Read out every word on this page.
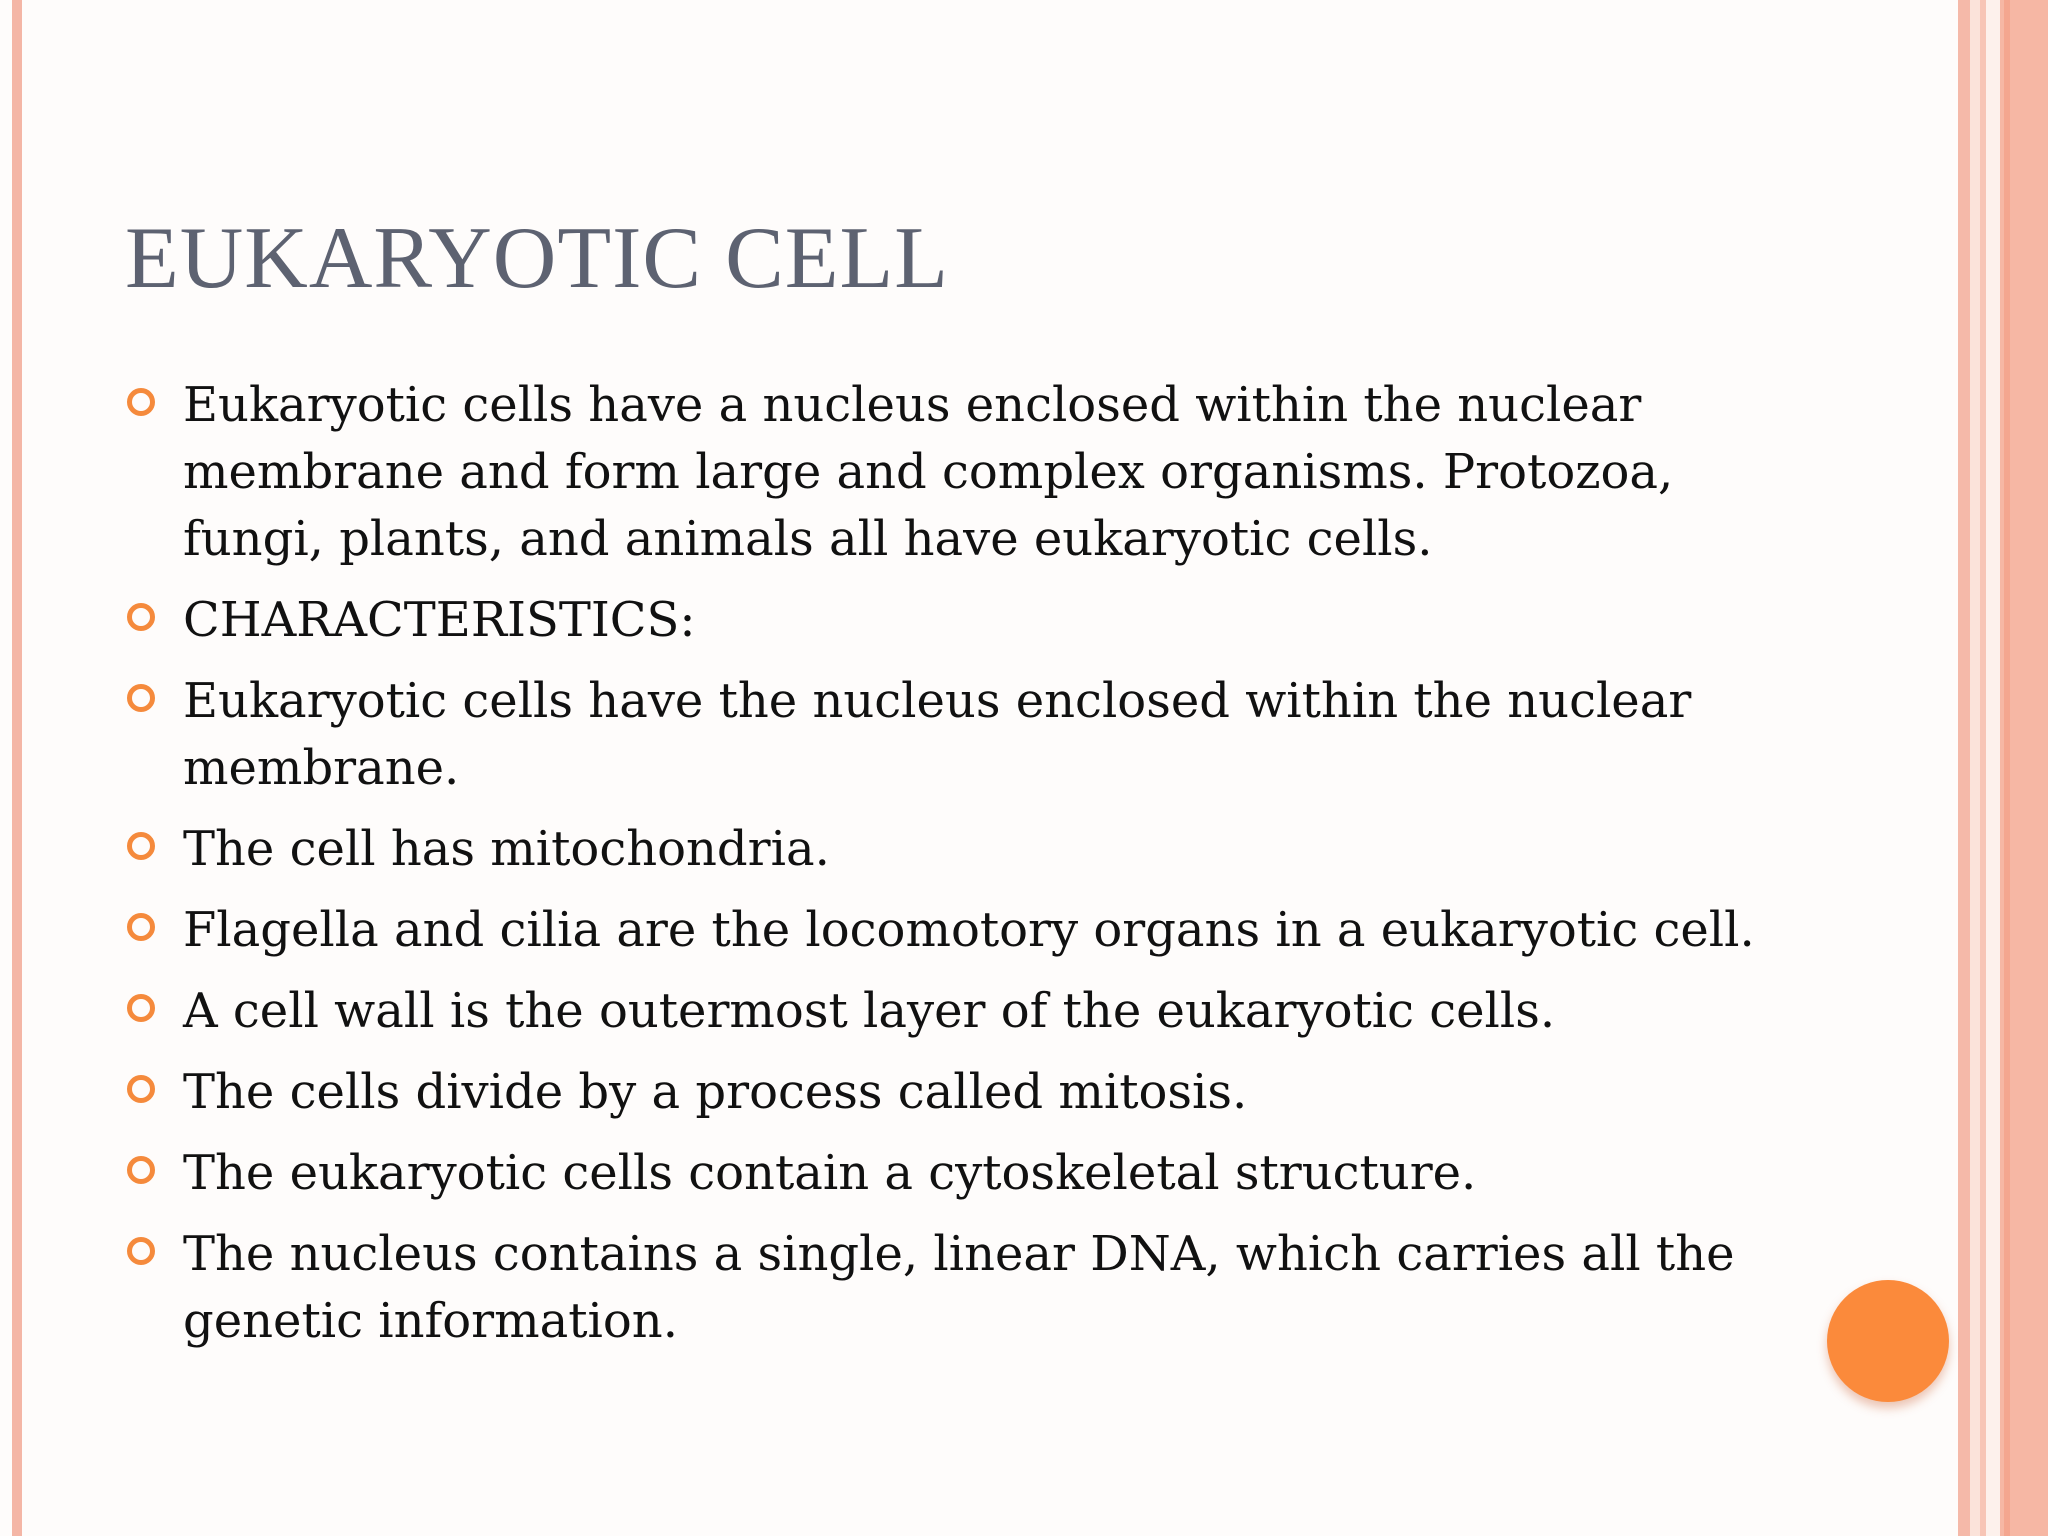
EUKARYOTIC CELL
Eukaryotic cells have a nucleus enclosed within the nuclear membrane and form large and complex organisms. Protozoa, fungi, plants, and animals all have eukaryotic cells.
CHARACTERISTICS:
Eukaryotic cells have the nucleus enclosed within the nuclear membrane.
The cell has mitochondria.
Flagella and cilia are the locomotory organs in a eukaryotic cell.
A cell wall is the outermost layer of the eukaryotic cells.
The cells divide by a process called mitosis.
The eukaryotic cells contain a cytoskeletal structure.
The nucleus contains a single, linear DNA, which carries all the genetic information.
